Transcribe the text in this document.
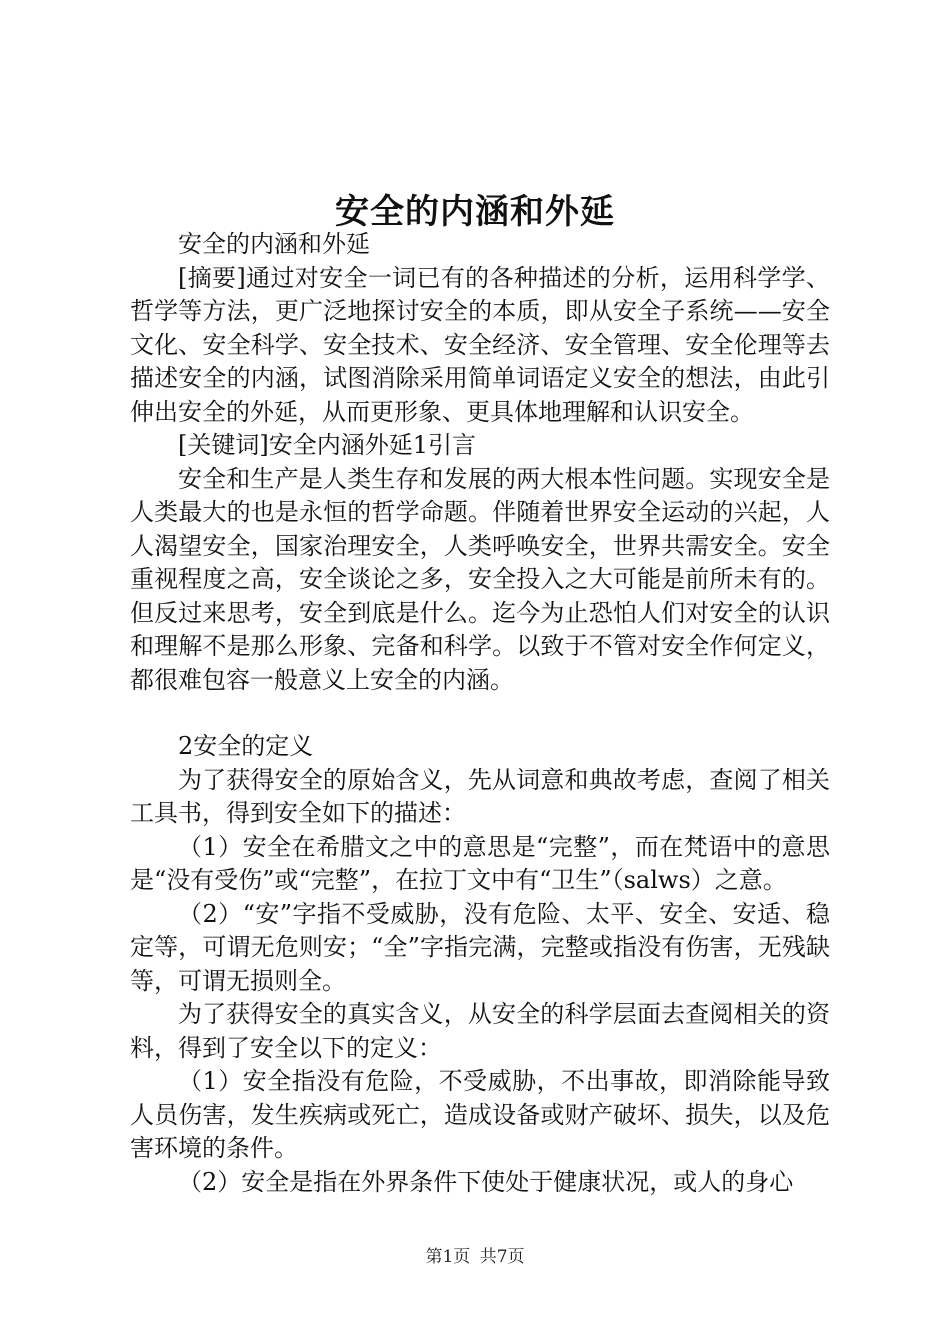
安全的内涵和外延

安全的内涵和外延

[摘要]通过对安全一词已有的各种描述的分析，运用科学学、哲学等方法，更广泛地探讨安全的本质，即从安全子系统——安全文化、安全科学、安全技术、安全经济、安全管理、安全伦理等去描述安全的内涵，试图消除采用简单词语定义安全的想法，由此引伸出安全的外延，从而更形象、更具体地理解和认识安全。

[关键词]安全内涵外延1引言

安全和生产是人类生存和发展的两大根本性问题。实现安全是人类最大的也是永恒的哲学命题。伴随着世界安全运动的兴起，人人渴望安全，国家治理安全，人类呼唤安全，世界共需安全。安全重视程度之高，安全谈论之多，安全投入之大可能是前所未有的。但反过来思考，安全到底是什么。迄今为止恐怕人们对安全的认识和理解不是那么形象、完备和科学。以致于不管对安全作何定义，都很难包容一般意义上安全的内涵。

2安全的定义

为了获得安全的原始含义，先从词意和典故考虑，查阅了相关工具书，得到安全如下的描述：

（1）安全在希腊文之中的意思是“完整”，而在梵语中的意思是“没有受伤”或“完整”，在拉丁文中有“卫生”（salws）之意。

（2）“安”字指不受威胁，没有危险、太平、安全、安适、稳定等，可谓无危则安；“全”字指完满，完整或指没有伤害，无残缺等，可谓无损则全。

为了获得安全的真实含义，从安全的科学层面去查阅相关的资料，得到了安全以下的定义：

（1）安全指没有危险，不受威胁，不出事故，即消除能导致人员伤害，发生疾病或死亡，造成设备或财产破坏、损失，以及危害环境的条件。

（2）安全是指在外界条件下使处于健康状况，或人的身心

第1页 共7页
